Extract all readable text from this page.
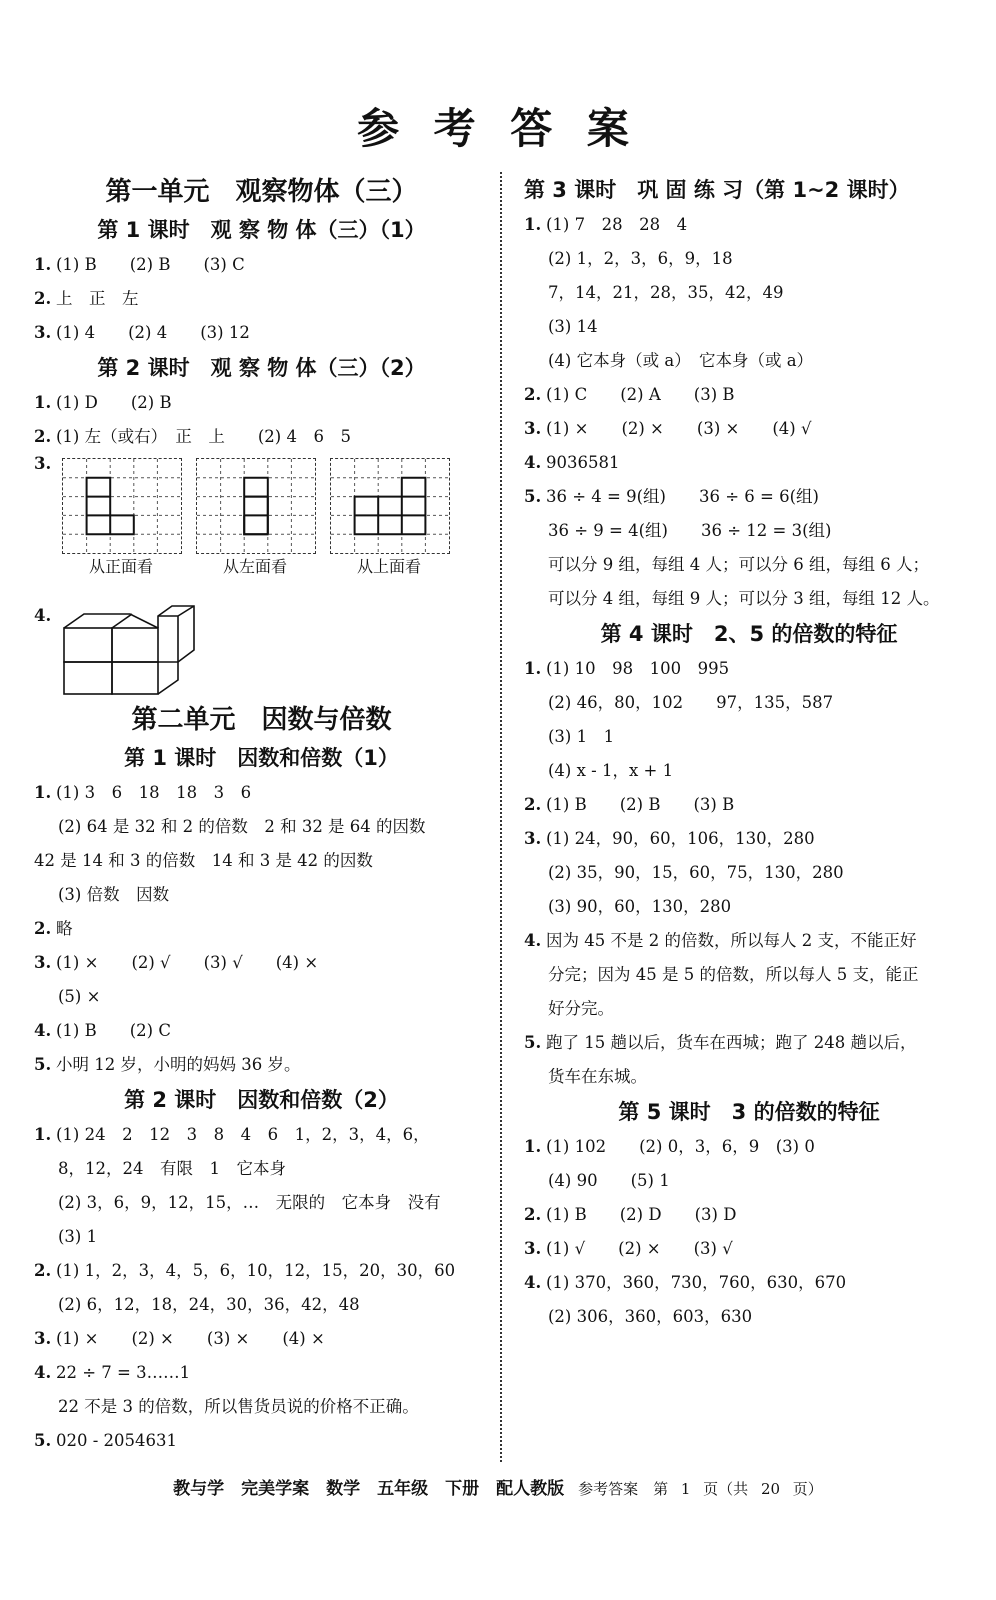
参 考 答 案
第一单元　观察物体（三）
第 1 课时　观 察 物 体（三）（1）
1. (1) B　　(2) B　　(3) C
2. 上　正　左
3. (1) 4　　(2) 4　　(3) 12
第 2 课时　观 察 物 体（三）（2）
1. (1) D　　(2) B
2. (1) 左（或右）　正　上　　(2) 4　6　5
3.
从正面看	从左面看	从上面看
4.
第二单元　因数与倍数
第 1 课时　因数和倍数（1）
1. (1) 3　6　18　18　3　6
(2) 64 是 32 和 2 的倍数　2 和 32 是 64 的因数
42 是 14 和 3 的倍数　14 和 3 是 42 的因数
(3) 倍数　因数
2. 略
3. (1) ×　　(2) √　　(3) √　　(4) ×
(5) ×
4. (1) B　　(2) C
5. 小明 12 岁，小明的妈妈 36 岁。
第 2 课时　因数和倍数（2）
1. (1) 24　2　12　3　8　4　6　1，2，3，4，6，
8，12，24　有限　1　它本身
(2) 3，6，9，12，15，…　无限的　它本身　没有
(3) 1
2. (1) 1，2，3，4，5，6，10，12，15，20，30，60
(2) 6，12，18，24，30，36，42，48
3. (1) ×　　(2) ×　　(3) ×　　(4) ×
4. 22 ÷ 7 = 3……1
22 不是 3 的倍数，所以售货员说的价格不正确。
5. 020 - 2054631
第 3 课时　巩 固 练 习（第 1~2 课时）
1. (1) 7　28　28　4
(2) 1，2，3，6，9，18
7，14，21，28，35，42，49
(3) 14
(4) 它本身（或 a）　它本身（或 a）
2. (1) C　　(2) A　　(3) B
3. (1) ×　　(2) ×　　(3) ×　　(4) √
4. 9036581
5. 36 ÷ 4 = 9(组)　　36 ÷ 6 = 6(组)
36 ÷ 9 = 4(组)　　36 ÷ 12 = 3(组)
可以分 9 组，每组 4 人；可以分 6 组，每组 6 人；
可以分 4 组，每组 9 人；可以分 3 组，每组 12 人。
第 4 课时　2、5 的倍数的特征
1. (1) 10　98　100　995
(2) 46，80，102　　97，135，587
(3) 1　1
(4) x - 1，x + 1
2. (1) B　　(2) B　　(3) B
3. (1) 24，90，60，106，130，280
(2) 35，90，15，60，75，130，280
(3) 90，60，130，280
4. 因为 45 不是 2 的倍数，所以每人 2 支，不能正好
分完；因为 45 是 5 的倍数，所以每人 5 支，能正
好分完。
5. 跑了 15 趟以后，货车在西城；跑了 248 趟以后，
货车在东城。
第 5 课时　3 的倍数的特征
1. (1) 102　　(2) 0，3，6，9　(3) 0
(4) 90　　(5) 1
2. (1) B　　(2) D　　(3) D
3. (1) √　　(2) ×　　(3) √
4. (1) 370，360，730，760，630，670
(2) 306，360，603，630
教与学　完美学案　数学　五年级　下册　配人教版 参考答案　第 1 页（共 20 页）
